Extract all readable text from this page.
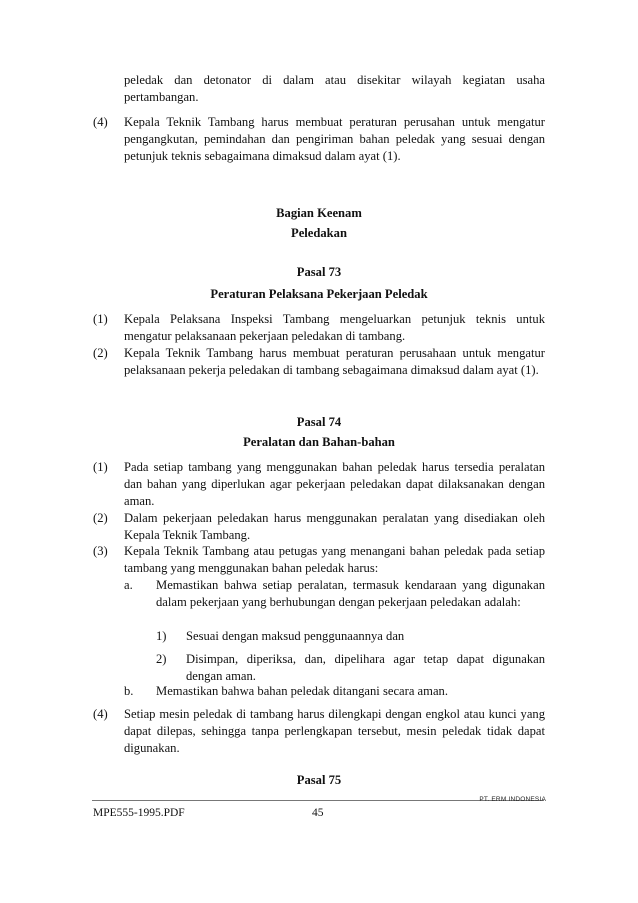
peledak dan detonator di dalam atau disekitar wilayah kegiatan usaha pertambangan.
(4)	Kepala Teknik Tambang harus membuat peraturan perusahan untuk mengatur pengangkutan, pemindahan dan pengiriman bahan peledak yang sesuai dengan petunjuk teknis sebagaimana dimaksud dalam ayat (1).
Bagian Keenam
Peledakan
Pasal 73
Peraturan Pelaksana Pekerjaan Peledak
(1)	Kepala Pelaksana Inspeksi Tambang mengeluarkan petunjuk teknis untuk mengatur pelaksanaan pekerjaan peledakan di tambang.
(2)	Kepala Teknik Tambang harus membuat peraturan perusahaan untuk mengatur pelaksanaan pekerja peledakan di tambang sebagaimana dimaksud dalam ayat (1).
Pasal 74
Peralatan dan Bahan-bahan
(1)	Pada setiap tambang yang menggunakan bahan peledak harus tersedia peralatan dan bahan yang diperlukan agar pekerjaan peledakan dapat dilaksanakan dengan aman.
(2)	Dalam pekerjaan peledakan harus menggunakan peralatan yang disediakan oleh Kepala Teknik Tambang.
(3)	Kepala Teknik Tambang atau petugas yang menangani bahan peledak pada setiap tambang yang menggunakan bahan peledak harus:
a. Memastikan bahwa setiap peralatan, termasuk kendaraan yang digunakan dalam pekerjaan yang berhubungan dengan pekerjaan peledakan adalah:
1) Sesuai dengan maksud penggunaannya dan
2) Disimpan, diperiksa, dan, dipelihara agar tetap dapat digunakan dengan aman.
b. Memastikan bahwa bahan peledak ditangani secara aman.
(4)	Setiap mesin peledak di tambang harus dilengkapi dengan engkol atau kunci yang dapat dilepas, sehingga tanpa perlengkapan tersebut, mesin peledak tidak dapat digunakan.
Pasal 75
PT. ERM INDONESIA
MPE555-1995.PDF	45
